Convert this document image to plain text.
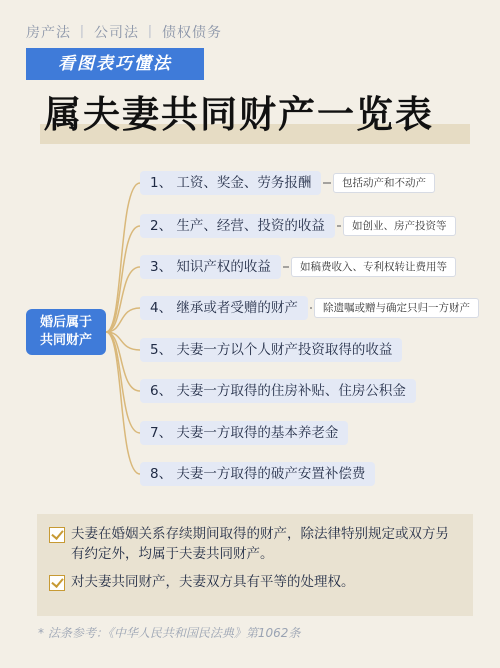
房产法 丨 公司法 丨 债权债务
看图表巧懂法
属夫妻共同财产一览表
婚后属于
共同财产
1、 工资、奖金、劳务报酬
2、 生产、经营、投资的收益
3、 知识产权的收益
4、 继承或者受赠的财产
5、 夫妻一方以个人财产投资取得的收益
6、 夫妻一方取得的住房补贴、住房公积金
7、 夫妻一方取得的基本养老金
8、 夫妻一方取得的破产安置补偿费
包括动产和不动产
如创业、房产投资等
如稿费收入、专利权转让费用等
除遗嘱或赠与确定只归一方财产
夫妻在婚姻关系存续期间取得的财产，除法律特别规定或双方另有约定外，均属于夫妻共同财产。
对夫妻共同财产，夫妻双方具有平等的处理权。
* 法条参考：《中华人民共和国民法典》第1062条
